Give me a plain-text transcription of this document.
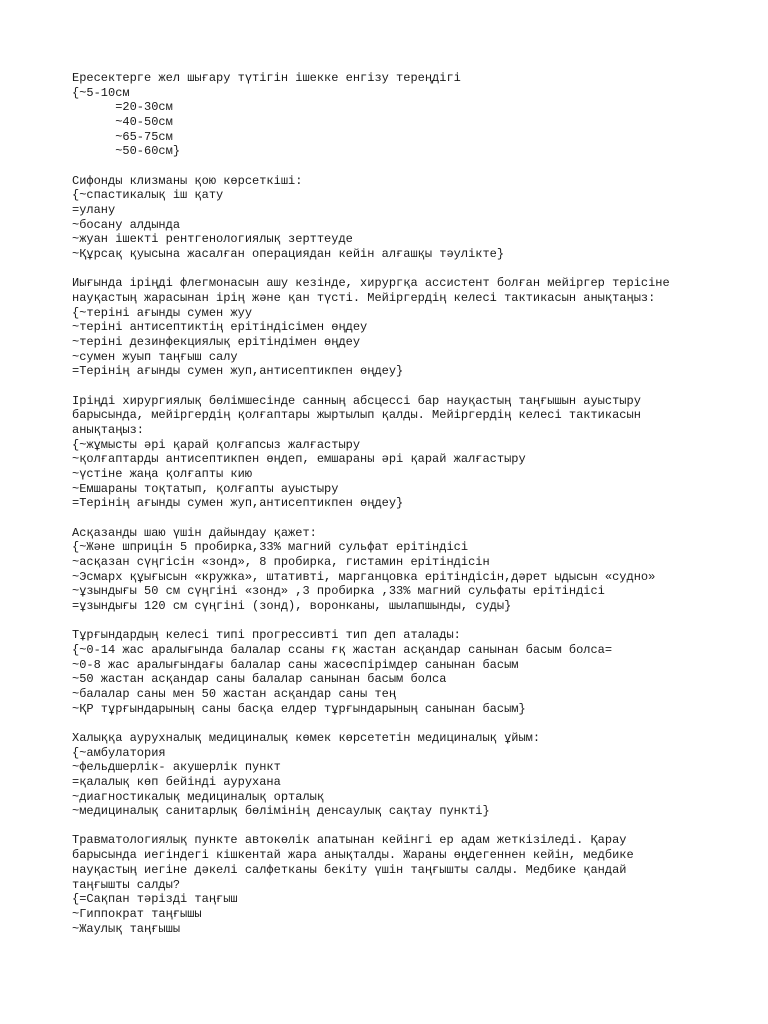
Ересектерге жел шығару түтігін ішекке енгізу тереңдігі
{~5-10см
=20-30см
~40-50см
~65-75см
~50-60см}
Сифонды клизманы қою көрсеткіші:
{~спастикалық іш қату
=улану
~босану алдында
~жуан ішекті рентгенологиялық зерттеуде
~Құрсақ қуысына жасалған операциядан кейін алғашқы тәулікте}
Иығында іріңді флегмонасын ашу кезінде, хирургқа ассистент болған мейіргер терісіне
науқастың жарасынан ірің және қан түсті. Мейіргердің келесі тактикасын анықтаңыз:
{~теріні ағынды сумен жуу
~теріні антисептиктің ерітіндісімен өңдеу
~теріні дезинфекциялық ерітіндімен өңдеу
~сумен жуып таңғыш салу
=Терінің ағынды сумен жуп,антисептикпен өңдеу}
Іріңді хирургиялық бөлімшесінде санның абсцессі бар науқастың таңғышын ауыстыру
барысында, мейіргердің қолғаптары жыртылып қалды. Мейіргердің келесі тактикасын
анықтаңыз:
{~жұмысты әрі қарай қолғапсыз жалғастыру
~қолғаптарды антисептикпен өңдеп, емшараны әрі қарай жалғастыру
~үстіне жаңа қолғапты кию
~Емшараны тоқтатып, қолғапты ауыстыру
=Терінің ағынды сумен жуп,антисептикпен өңдеу}
Асқазанды шаю үшін дайындау қажет:
{~Және шприцін 5 пробирка,33% магний сульфат ерітіндісі
~асқазан сүңгісін «зонд», 8 пробирка, гистамин ерітіндісін
~Эсмарх құығысын «кружка», штативті, марганцовка ерітіндісін,дәрет ыдысын «судно»
~ұзындығы 50 см сүңгіні «зонд» ,3 пробирка ,33% магний сульфаты ерітіндісі
=ұзындығы 120 см сүңгіні (зонд), воронканы, шылапшынды, суды}
Тұрғындардың келесі типі прогрессивті тип деп аталады:
{~0-14 жас аралығында балалар ссаны ғқ жастан асқандар санынан басым болса=
~0-8 жас аралығындағы балалар саны жасөспірімдер санынан басым
~50 жастан асқандар саны балалар санынан басым болса
~балалар саны мен 50 жастан асқандар саны тең
~ҚР тұрғындарының саны басқа елдер тұрғындарының санынан басым}
Халыққа аурухналық медициналық көмек көрсететін медициналық ұйым:
{~амбулатория
~фельдшерлік- акушерлік пункт
=қалалық көп бейінді аурухана
~диагностикалық медициналық орталық
~медициналық санитарлық бөлімінің денсаулық сақтау пункті}
Травматологиялық пункте автокөлік апатынан кейінгі ер адам жеткізіледі. Қарау
барысында иегіндегі кішкентай жара анықталды. Жараны өңдегеннен кейін, медбике
науқастың иегіне дәкелі салфетканы бекіту үшін таңғышты салды. Медбике қандай
таңғышты салды?
{=Сақпан тәрізді таңғыш
~Гиппократ таңғышы
~Жаулық таңғышы
